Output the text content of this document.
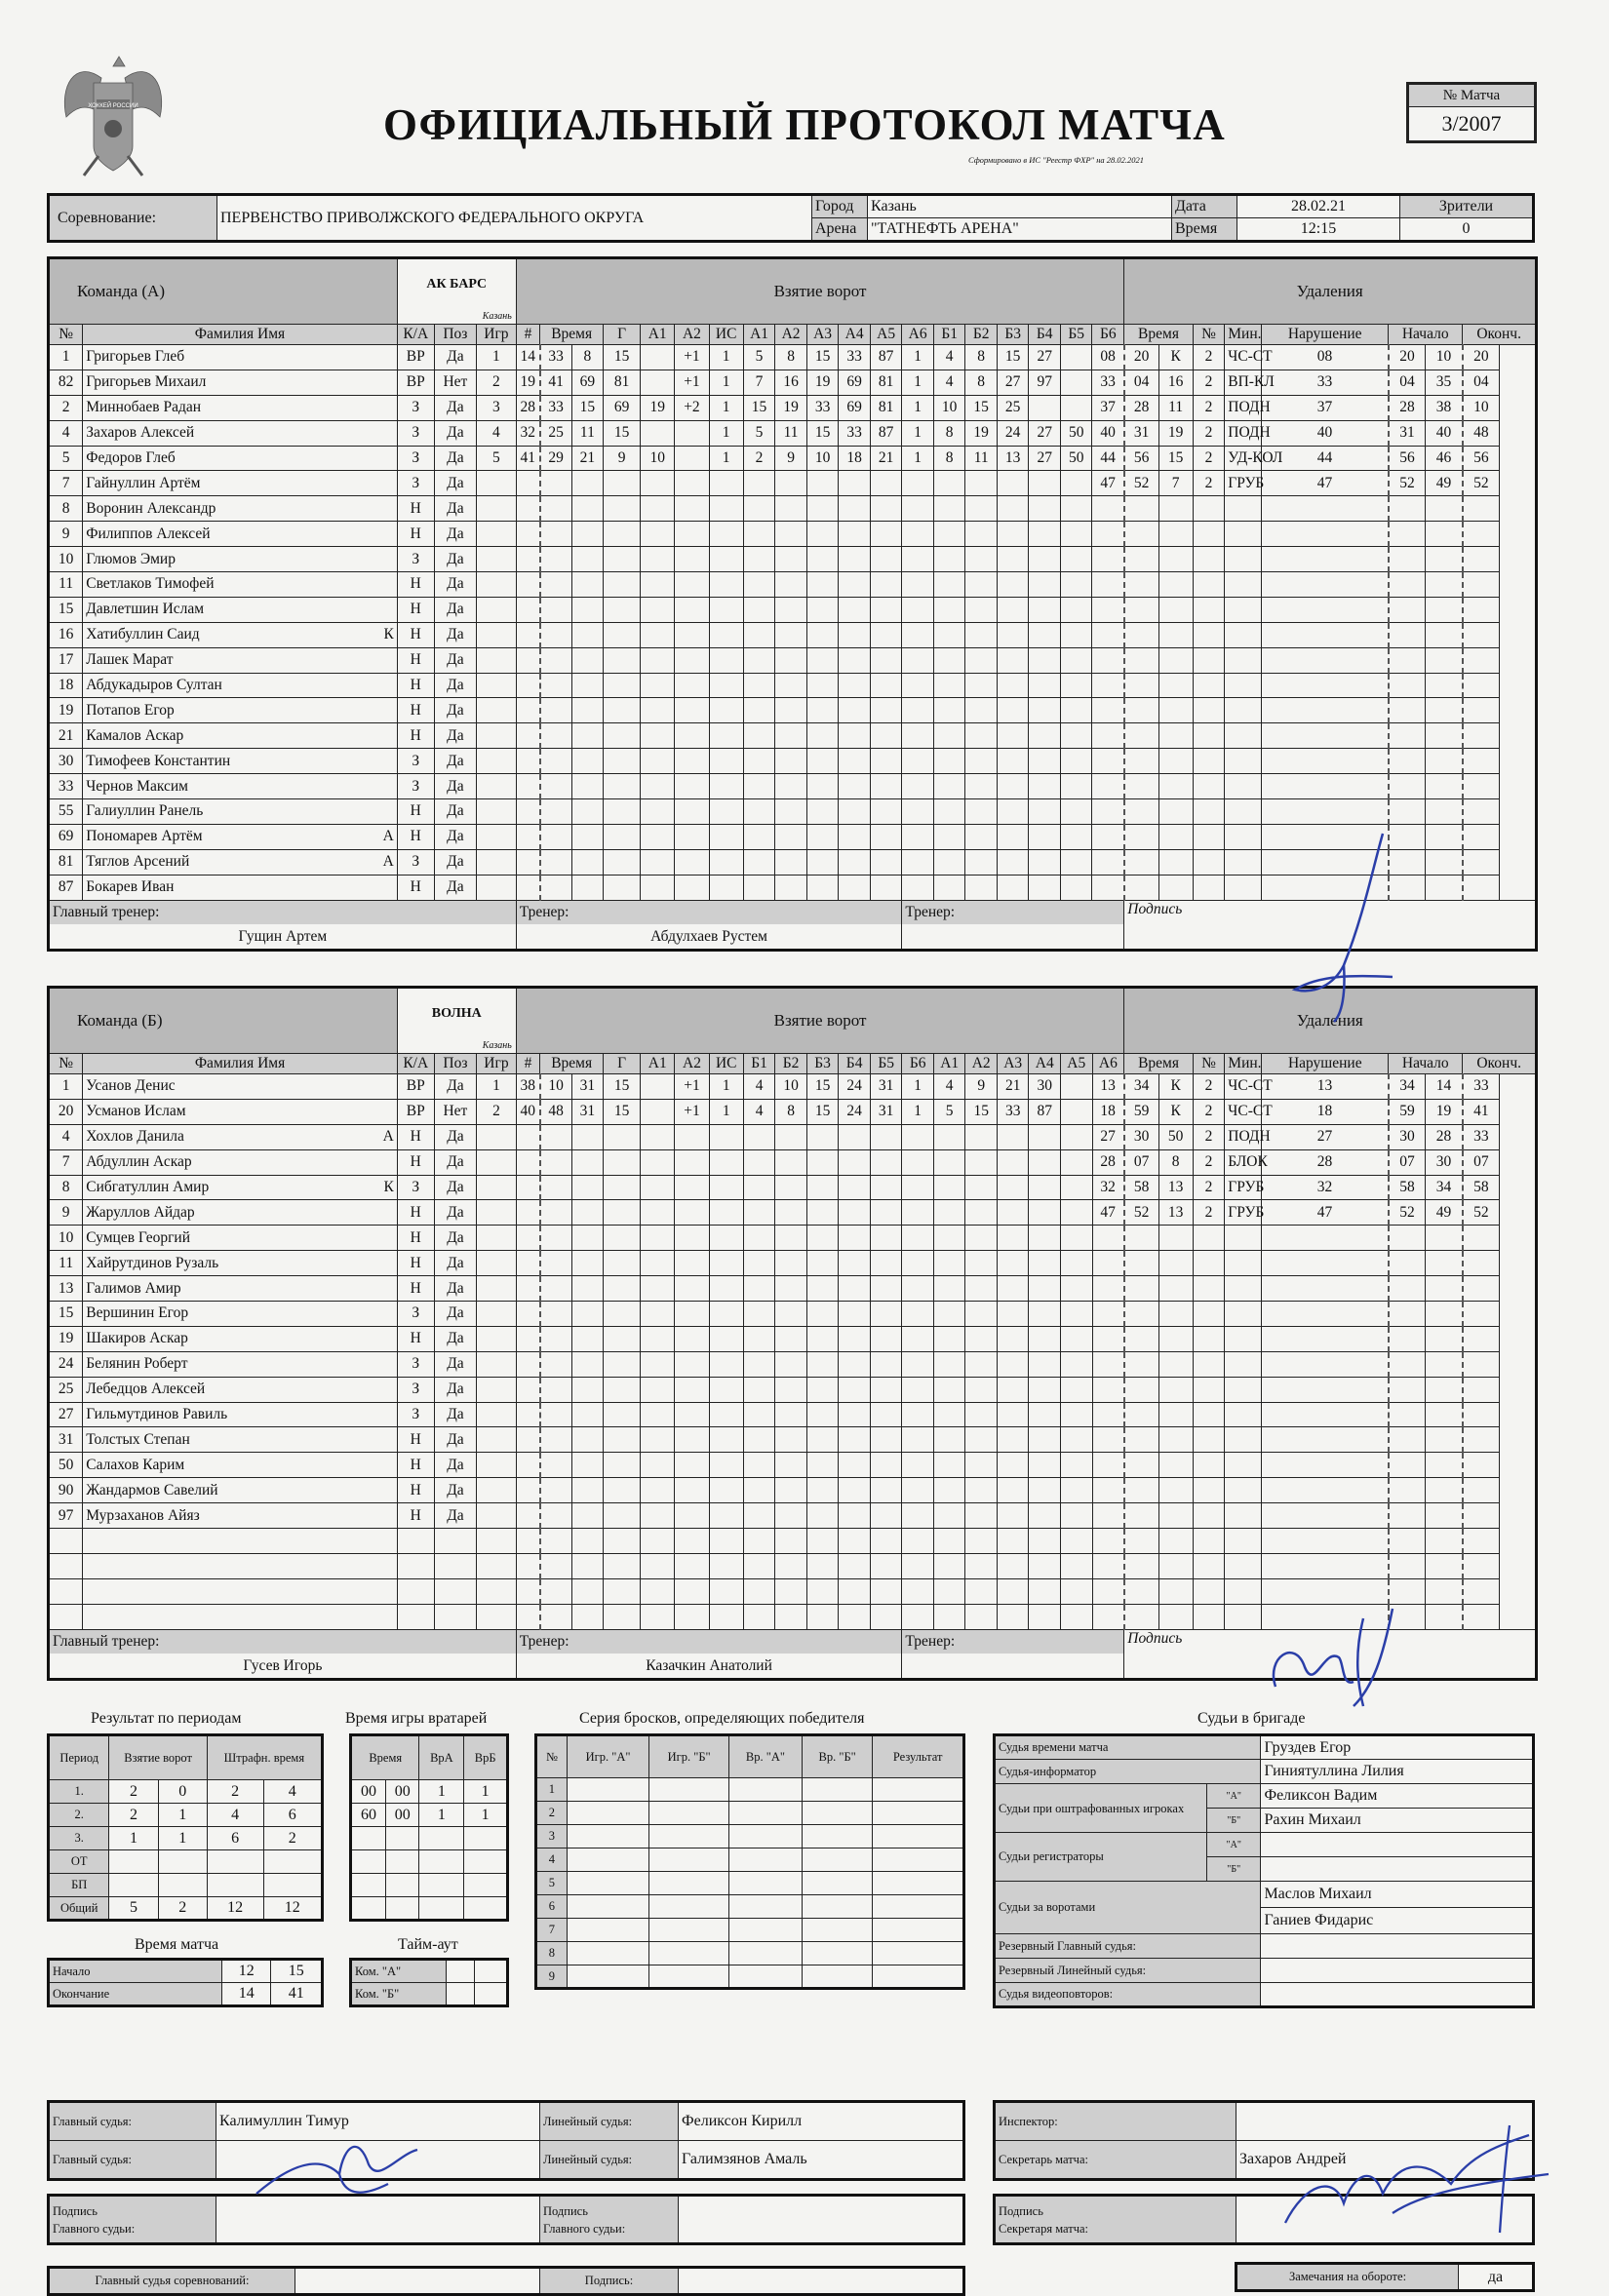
ХОККЕЙ РОССИИ	ОФИЦИАЛЬНЫЙ ПРОТОКОЛ МАТЧА
Сформировано в ИС "Реестр ФХР" на 28.02.2021
№ Матча
3/2007
Соревнование:	ПЕРВЕНСТВО ПРИВОЛЖСКОГО ФЕДЕРАЛЬНОГО ОКРУГА	Город	Казань	Дата	28.02.21	Зрители
		Арена	"ТАТНЕФТЬ АРЕНА"	Время	12:15	0
Команда (А)		АК БАРС
Казань			Взятие ворот																			Удаления							
№	Фамилия Имя	К/А	Поз	Игр	#	Время		Г	А1	А2	ИС	А1	А2	А3	А4	А5	А6	Б1	Б2	Б3	Б4	Б5	Б6	Время		№	Мин.	Нарушение	Начало		Оконч.
1	Григорьев Глеб	ВР	Да	1	14	33	8	15		+1	1	5	8	15	33	87	1	4	8	15	27		08	20	К	2	ЧС-СТ	08	20	10	20
82	Григорьев Михаил	ВР	Нет	2	19	41	69	81		+1	1	7	16	19	69	81	1	4	8	27	97		33	04	16	2	ВП-КЛ	33	04	35	04
2	Миннобаев Радан	З	Да	3	28	33	15	69	19	+2	1	15	19	33	69	81	1	10	15	25			37	28	11	2	ПОДН	37	28	38	10
4	Захаров Алексей	З	Да	4	32	25	11	15			1	5	11	15	33	87	1	8	19	24	27	50	40	31	19	2	ПОДН	40	31	40	48
5	Федоров Глеб	З	Да	5	41	29	21	9	10		1	2	9	10	18	21	1	8	11	13	27	50	44	56	15	2	УД-КОЛ	44	56	46	56
7	Гайнуллин Артём	З	Да																				47	52	7	2	ГРУБ	47	52	49	52
8	Воронин Александр	Н	Да																												
9	Филиппов Алексей	Н	Да																												
10	Глюмов Эмир	З	Да																												
11	Светлаков Тимофей	Н	Да																												
15	Давлетшин Ислам	Н	Да																												
16	Хатибуллин Саид К	Н	Да																												
17	Лашек Марат	Н	Да																												
18	Абдукадыров Султан	Н	Да																												
19	Потапов Егор	Н	Да																												
21	Камалов Аскар	Н	Да																												
30	Тимофеев Константин	З	Да																												
33	Чернов Максим	З	Да																												
55	Галиуллин Ранель	Н	Да																												
69	Пономарев Артём А	Н	Да																												
81	Тяглов Арсений А	З	Да																												
87	Бокарев Иван	Н	Да																												
Главный тренер:					Тренер:												Тренер:							Подпись							
Гущин Артем					Абдулхаев Рустем																										
Команда (Б)		ВОЛНА
Казань			Взятие ворот																			Удаления							
№	Фамилия Имя	К/А	Поз	Игр	#	Время		Г	А1	А2	ИС	Б1	Б2	Б3	Б4	Б5	Б6	А1	А2	А3	А4	А5	А6	Время		№	Мин.	Нарушение	Начало		Оконч.
1	Усанов Денис	ВР	Да	1	38	10	31	15		+1	1	4	10	15	24	31	1	4	9	21	30		13	34	К	2	ЧС-СТ	13	34	14	33
20	Усманов Ислам	ВР	Нет	2	40	48	31	15		+1	1	4	8	15	24	31	1	5	15	33	87		18	59	К	2	ЧС-СТ	18	59	19	41
4	Хохлов Данила А	Н	Да																				27	30	50	2	ПОДН	27	30	28	33
7	Абдуллин Аскар	Н	Да																				28	07	8	2	БЛОК	28	07	30	07
8	Сибгатуллин Амир К	З	Да																				32	58	13	2	ГРУБ	32	58	34	58
9	Жаруллов Айдар	Н	Да																				47	52	13	2	ГРУБ	47	52	49	52
10	Сумцев Георгий	Н	Да																												
11	Хайрутдинов Рузаль	Н	Да																												
13	Галимов Амир	Н	Да																												
15	Вершинин Егор	З	Да																												
19	Шакиров Аскар	Н	Да																												
24	Белянин Роберт	З	Да																												
25	Лебедцов Алексей	З	Да																												
27	Гильмутдинов Равиль	З	Да																												
31	Толстых Степан	Н	Да																												
50	Салахов Карим	Н	Да																												
90	Жандармов Савелий	Н	Да																												
97	Мурзаханов Айяз	Н	Да																												

Главный тренер:					Тренер:												Тренер:							Подпись							
Гусев Игорь					Казачкин Анатолий																										
Результат по периодам
Период	Взятие ворот		Штрафн. время	
1.	2	0	2	4
2.	2	1	4	6
3.	1	1	6	2
ОТ				
БП				
Общий	5	2	12	12
Время матча
Начало	12	15
Окончание	14	41
Время игры вратарей
Время		ВрА	ВрБ
00	00	1	1
60	00	1	1

Тайм-аут
Ком. "А"		
Ком. "Б"		
Серия бросков, определяющих победителя
№	Игр. "А"	Игр. "Б"	Вр. "А"	Вр. "Б"	Результат
1					
2					
3					
4					
5					
6					
7					
8					
9					
Судьи в бригаде
Судья времени матча		Груздев Егор
Судья-информатор		Гиниятуллина Лилия
Судьи при оштрафованных игроках	"А"	Феликсон Вадим
	"Б"	Рахин Михаил
Судьи регистраторы	"А"	
	"Б"	
Судьи за воротами		Маслов Михаил
		Ганиев Фидарис
Резервный Главный судья:		
Резервный Линейный судья:		
Судья видеоповторов:		
Главный судья:	Калимуллин Тимур	Линейный судья:	Феликсон Кирилл
Главный судья:		Линейный судья:	Галимзянов Амаль
Инспектор:	
Секретарь матча:	Захаров Андрей
Подпись
Главного судьи:		Подпись
Главного судьи:	
Подпись
Секретаря матча:	
Главный судья соревнований:		Подпись:		Замечания на обороте:	да
